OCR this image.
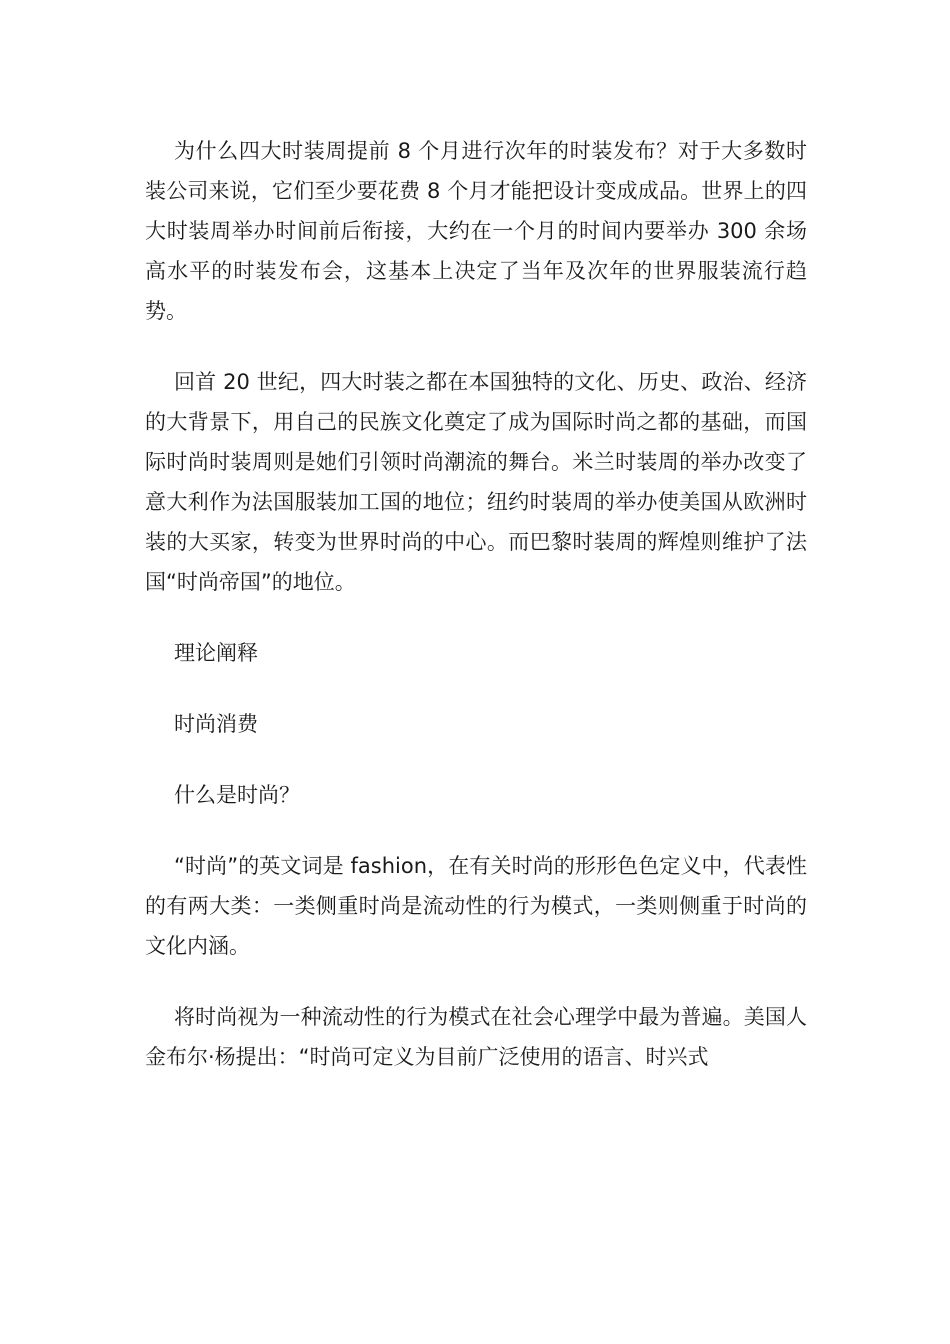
为什么四大时装周提前 8 个月进行次年的时装发布？对于大多数时装公司来说，它们至少要花费 8 个月才能把设计变成成品。世界上的四大时装周举办时间前后衔接，大约在一个月的时间内要举办 300 余场高水平的时装发布会，这基本上决定了当年及次年的世界服装流行趋势。

回首 20 世纪，四大时装之都在本国独特的文化、历史、政治、经济的大背景下，用自己的民族文化奠定了成为国际时尚之都的基础，而国际时尚时装周则是她们引领时尚潮流的舞台。米兰时装周的举办改变了意大利作为法国服装加工国的地位；纽约时装周的举办使美国从欧洲时装的大买家，转变为世界时尚的中心。而巴黎时装周的辉煌则维护了法国“时尚帝国”的地位。

理论阐释

时尚消费

什么是时尚？

“时尚”的英文词是 fashion，在有关时尚的形形色色定义中，代表性的有两大类：一类侧重时尚是流动性的行为模式，一类则侧重于时尚的文化内涵。

将时尚视为一种流动性的行为模式在社会心理学中最为普遍。美国人金布尔·杨提出：“时尚可定义为目前广泛使用的语言、时兴式
